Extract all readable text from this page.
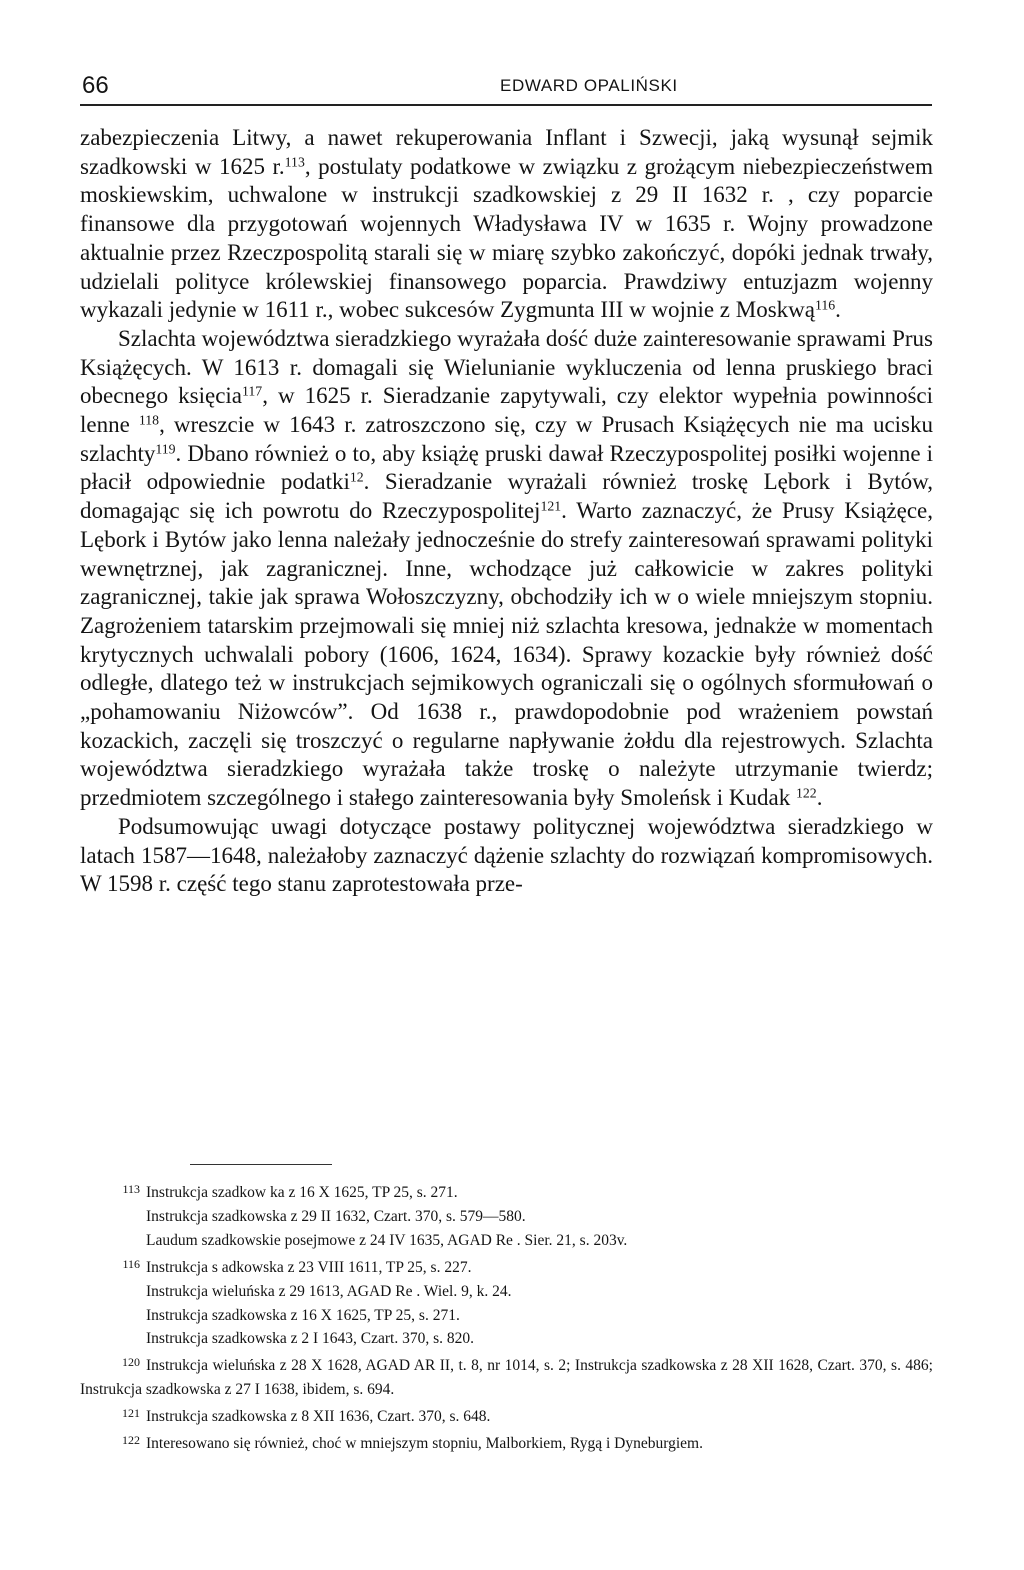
66	EDWARD OPALIŃSKI

zabezpieczenia Litwy, a nawet rekuperowania Inflant i Szwecji, jaką wysunął sejmik szadkowski w 1625 r.$^{113}$, postulaty podatkowe w związku z grożącym niebezpieczeństwem moskiewskim, uchwalone w instrukcji szadkowskiej z 29 II 1632 r. , czy poparcie finansowe dla przygotowań wojennych Władysława IV w 1635 r. Wojny prowadzone aktualnie przez Rzeczpospolitą starali się w miarę szybko zakończyć, dopóki jednak trwały, udzielali polityce królewskiej finansowego poparcia. Prawdziwy entuzjazm wojenny wykazali jedynie w 1611 r., wobec sukcesów Zygmunta III w wojnie z Moskwą$^{116}$.

Szlachta województwa sieradzkiego wyrażała dość duże zainteresowanie sprawami Prus Książęcych. W 1613 r. domagali się Wielunianie wykluczenia od lenna pruskiego braci obecnego księcia$^{117}$, w 1625 r. Sieradzanie zapytywali, czy elektor wypełnia powinności lenne $^{118}$, wreszcie w 1643 r. zatroszczono się, czy w Prusach Książęcych nie ma ucisku szlachty$^{119}$. Dbano również o to, aby książę pruski dawał Rzeczypospolitej posiłki wojenne i płacił odpowiednie podatki$^{12}$. Sieradzanie wyrażali również troskę Lębork i Bytów, domagając się ich powrotu do Rzeczypospolitej$^{121}$. Warto zaznaczyć, że Prusy Książęce, Lębork i Bytów jako lenna należały jednocześnie do strefy zainteresowań sprawami polityki wewnętrznej, jak zagranicznej. Inne, wchodzące już całkowicie w zakres polityki zagranicznej, takie jak sprawa Wołoszczyzny, obchodziły ich w o wiele mniejszym stopniu. Zagrożeniem tatarskim przejmowali się mniej niż szlachta kresowa, jednakże w momentach krytycznych uchwalali pobory (1606, 1624, 1634). Sprawy kozackie były również dość odległe, dlatego też w instrukcjach sejmikowych ograniczali się o ogólnych sformułowań o „pohamowaniu Niżowców”. Od 1638 r., prawdopodobnie pod wrażeniem powstań kozackich, zaczęli się troszczyć o regularne napływanie żołdu dla rejestrowych. Szlachta województwa sieradzkiego wyrażała także troskę o należyte utrzymanie twierdz; przedmiotem szczególnego i stałego zainteresowania były Smoleńsk i Kudak $^{122}$.

Podsumowując uwagi dotyczące postawy politycznej województwa sieradzkiego w latach 1587—1648, należałoby zaznaczyć dążenie szlachty do rozwiązań kompromisowych. W 1598 r. część tego stanu zaprotestowała prze-

113 Instrukcja szadkow ka z 16 X 1625, TP 25, s. 271.
Instrukcja szadkowska z 29 II 1632, Czart. 370, s. 579—580.
Laudum szadkowskie posejmowe z 24 IV 1635, AGAD Re . Sier. 21, s. 203v.
116 Instrukcja s adkowska z 23 VIII 1611, TP 25, s. 227.
Instrukcja wieluńska z 29 1613, AGAD Re . Wiel. 9, k. 24.
Instrukcja szadkowska z 16 X 1625, TP 25, s. 271.
Instrukcja szadkowska z 2 I 1643, Czart. 370, s. 820.
120 Instrukcja wieluńska z 28 X 1628, AGAD AR II, t. 8, nr 1014, s. 2; Instrukcja szadkowska z 28 XII 1628, Czart. 370, s. 486; Instrukcja szadkowska z 27 I 1638, ibidem, s. 694.
121 Instrukcja szadkowska z 8 XII 1636, Czart. 370, s. 648.
122 Interesowano się również, choć w mniejszym stopniu, Malborkiem, Rygą i Dyneburgiem.
